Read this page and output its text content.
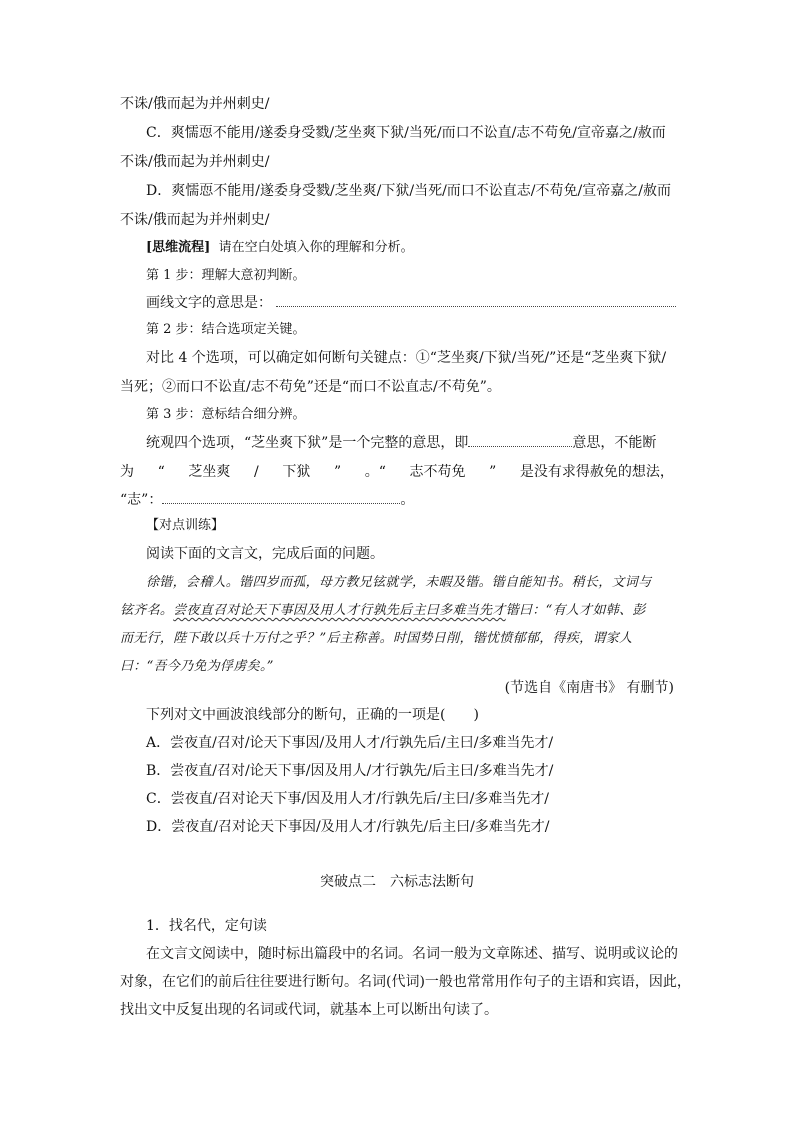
不诛/俄而起为并州刺史/
C．爽懦恧不能用/遂委身受戮/芝坐爽下狱/当死/而口不讼直/志不苟免/宣帝嘉之/赦而
不诛/俄而起为并州刺史/
D．爽懦恧不能用/遂委身受戮/芝坐爽/下狱/当死/而口不讼直志/不苟免/宣帝嘉之/赦而
不诛/俄而起为并州刺史/
[思维流程] 请在空白处填入你的理解和分析。
第 1 步：理解大意初判断。
画线文字的意思是：
第 2 步：结合选项定关键。
对比 4 个选项，可以确定如何断句关键点：①“芝坐爽/下狱/当死/”还是“芝坐爽下狱/
当死；②而口不讼直/志不苟免”还是“而口不讼直志/不苟免”。
第 3 步：意标结合细分辨。
统观四个选项，“芝坐爽下狱”是一个完整的意思，即	意思，不能断
为 “ 芝坐爽 / 下狱 ” 。“ 志不苟免 ” 是没有求得赦免的想法，
“志”：	。
【对点训练】
阅读下面的文言文，完成后面的问题。
徐锴，会稽人。锴四岁而孤，母方教兄铉就学，未暇及锴。锴自能知书。稍长，文词与
铉齐名。尝夜直召对论天下事因及用人才行孰先后主曰多难当先才锴曰：“有人才如韩、彭
而无行，陛下敢以兵十万付之乎？”后主称善。时国势日削，锴忧愤郁郁，得疾，谓家人
曰：“吾今乃免为俘虏矣。”
(节选自《南唐书》 有删节)
下列对文中画波浪线部分的断句，正确的一项是(　　)
A．尝夜直/召对/论天下事因/及用人才/行孰先后/主曰/多难当先才/
B．尝夜直/召对/论天下事/因及用人/才行孰先/后主曰/多难当先才/
C．尝夜直/召对论天下事/因及用人才/行孰先后/主曰/多难当先才/
D．尝夜直/召对论天下事因/及用人才/行孰先/后主曰/多难当先才/
突破点二　六标志法断句
1．找名代，定句读
在文言文阅读中，随时标出篇段中的名词。名词一般为文章陈述、描写、说明或议论的
对象，在它们的前后往往要进行断句。名词(代词)一般也常常用作句子的主语和宾语，因此，
找出文中反复出现的名词或代词，就基本上可以断出句读了。
